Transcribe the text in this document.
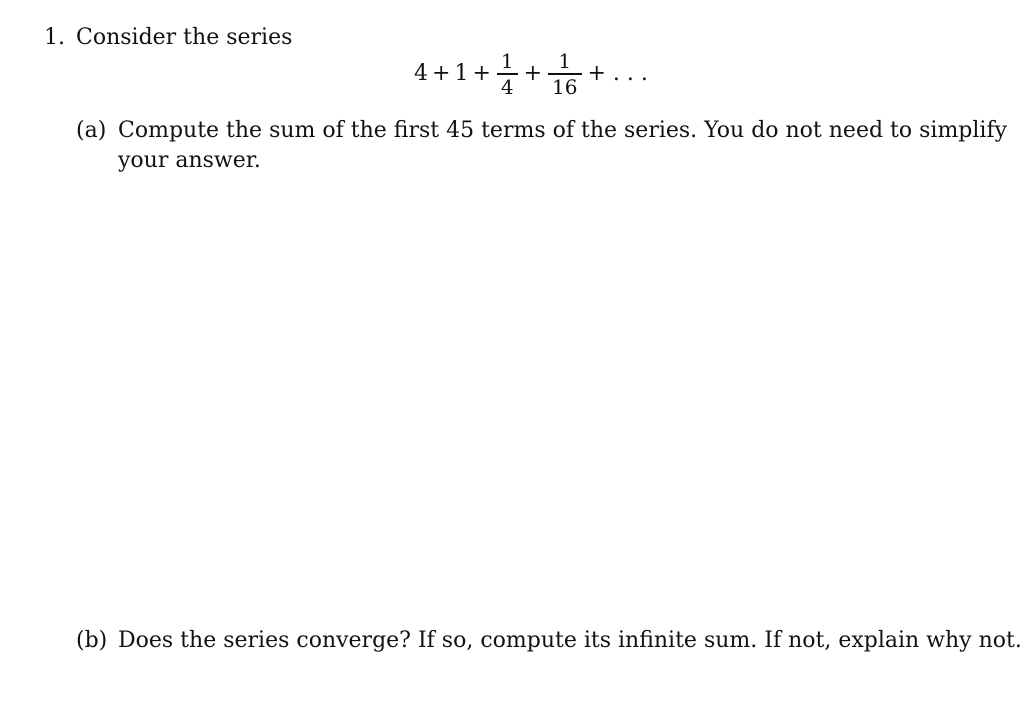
1. Consider the series
$4 + 1 + \frac{1}{4} + \frac{1}{16}$ + . . .
(a) Compute the sum of the first 45 terms of the series. You do not need to simplify
your answer.
(b) Does the series converge? If so, compute its infinite sum. If not, explain why not.
